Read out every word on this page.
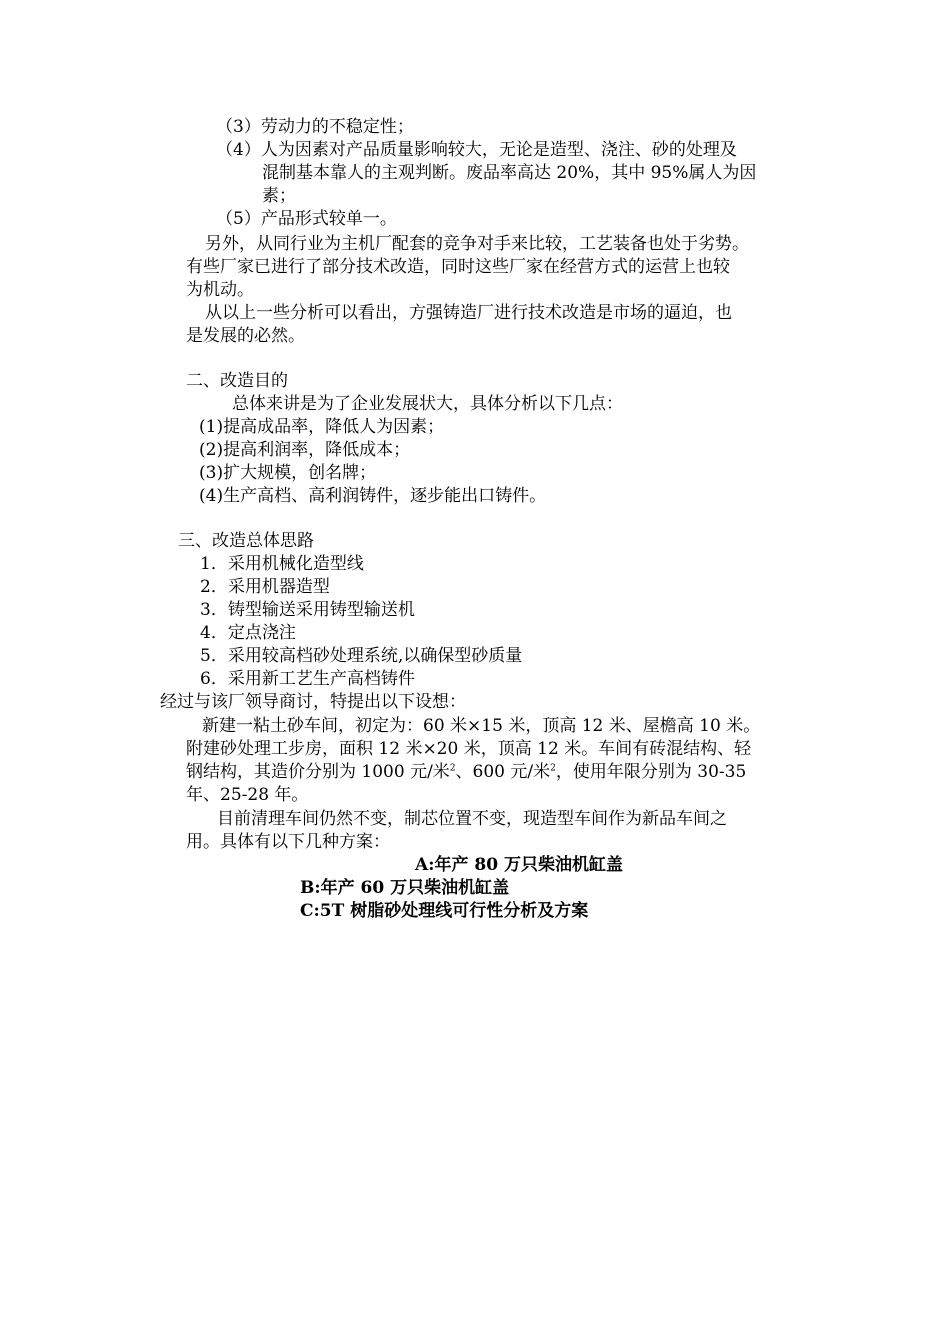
（3）劳动力的不稳定性；
（4）人为因素对产品质量影响较大，无论是造型、浇注、砂的处理及
混制基本靠人的主观判断。废品率高达 20%，其中 95%属人为因
素；
（5）产品形式较单一。
另外，从同行业为主机厂配套的竞争对手来比较，工艺装备也处于劣势。
有些厂家已进行了部分技术改造，同时这些厂家在经营方式的运营上也较
为机动。
从以上一些分析可以看出，方强铸造厂进行技术改造是市场的逼迫，也
是发展的必然。
二、改造目的
总体来讲是为了企业发展状大，具体分析以下几点：
(1)提高成品率，降低人为因素；
(2)提高利润率，降低成本；
(3)扩大规模，创名牌；
(4)生产高档、高利润铸件，逐步能出口铸件。
三、改造总体思路
1．采用机械化造型线
2．采用机器造型
3．铸型输送采用铸型输送机
4．定点浇注
5．采用较高档砂处理系统,以确保型砂质量
6．采用新工艺生产高档铸件
经过与该厂领导商讨，特提出以下设想：
新建一粘土砂车间，初定为：60 米×15 米，顶高 12 米、屋檐高 10 米。
附建砂处理工步房，面积 12 米×20 米，顶高 12 米。车间有砖混结构、轻
钢结构，其造价分别为 1000 元/米$^2$、600 元/米$^2$，使用年限分别为 30-35
年、25-28 年。
目前清理车间仍然不变，制芯位置不变，现造型车间作为新品车间之
用。具体有以下几种方案：
A:年产 80 万只柴油机缸盖
B:年产 60 万只柴油机缸盖
C:5T 树脂砂处理线可行性分析及方案
